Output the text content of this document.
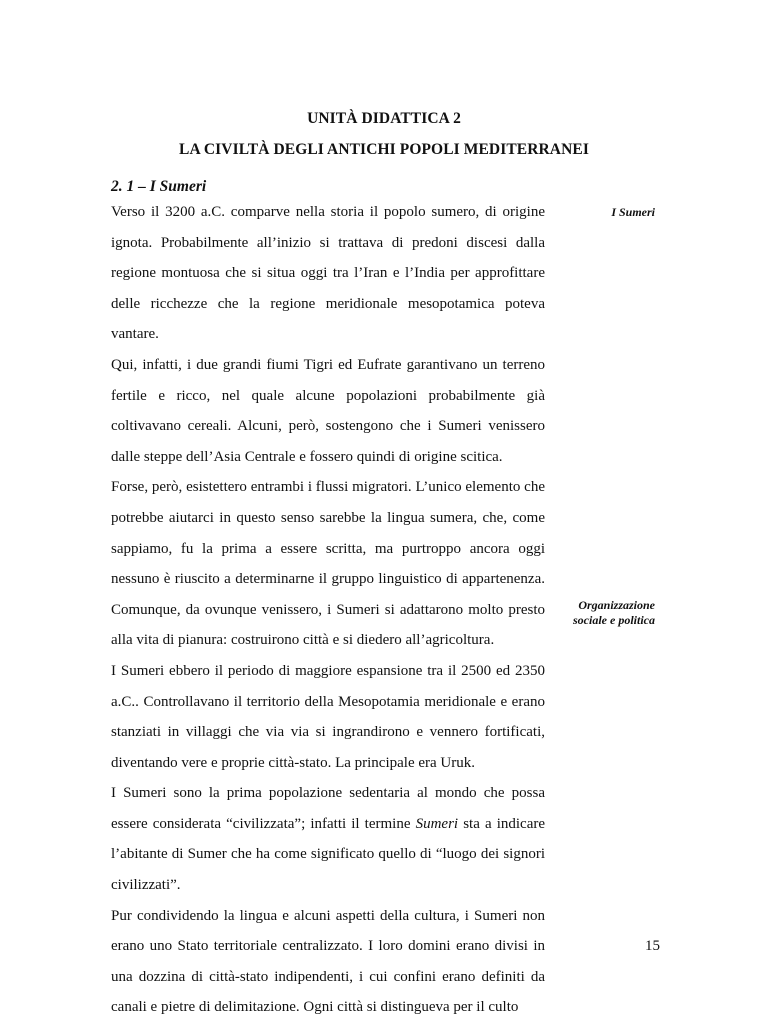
UNITÀ DIDATTICA 2
LA CIVILTÀ DEGLI ANTICHI POPOLI MEDITERRANEI
2. 1 – I Sumeri

Verso il 3200 a.C. comparve nella storia il popolo sumero, di origine ignota. Probabilmente all’inizio si trattava di predoni discesi dalla regione montuosa che si situa oggi tra l’Iran e l’India per approfittare delle ricchezze che la regione meridionale mesopotamica poteva vantare.

Qui, infatti, i due grandi fiumi Tigri ed Eufrate garantivano un terreno fertile e ricco, nel quale alcune popolazioni probabilmente già coltivavano cereali. Alcuni, però, sostengono che i Sumeri venissero dalle steppe dell’Asia Centrale e fossero quindi di origine scitica.

Forse, però, esistettero entrambi i flussi migratori. L’unico elemento che potrebbe aiutarci in questo senso sarebbe la lingua sumera, che, come sappiamo, fu la prima a essere scritta, ma purtroppo ancora oggi nessuno è riuscito a determinarne il gruppo linguistico di appartenenza. Comunque, da ovunque venissero, i Sumeri si adattarono molto presto alla vita di pianura: costruirono città e si diedero all’agricoltura.

I Sumeri ebbero il periodo di maggiore espansione tra il 2500 ed 2350 a.C.. Controllavano il territorio della Mesopotamia meridionale e erano stanziati in villaggi che via via si ingrandirono e vennero fortificati, diventando vere e proprie città-stato. La principale era Uruk.

I Sumeri sono la prima popolazione sedentaria al mondo che possa essere considerata “civilizzata”; infatti il termine Sumeri sta a indicare l’abitante di Sumer che ha come significato quello di “luogo dei signori civilizzati”.

Pur condividendo la lingua e alcuni aspetti della cultura, i Sumeri non erano uno Stato territoriale centralizzato. I loro domini erano divisi in una dozzina di città-stato indipendenti, i cui confini erano definiti da canali e pietre di delimitazione. Ogni città si distingueva per il culto

I Sumeri
Organizzazione
sociale e politica
15
